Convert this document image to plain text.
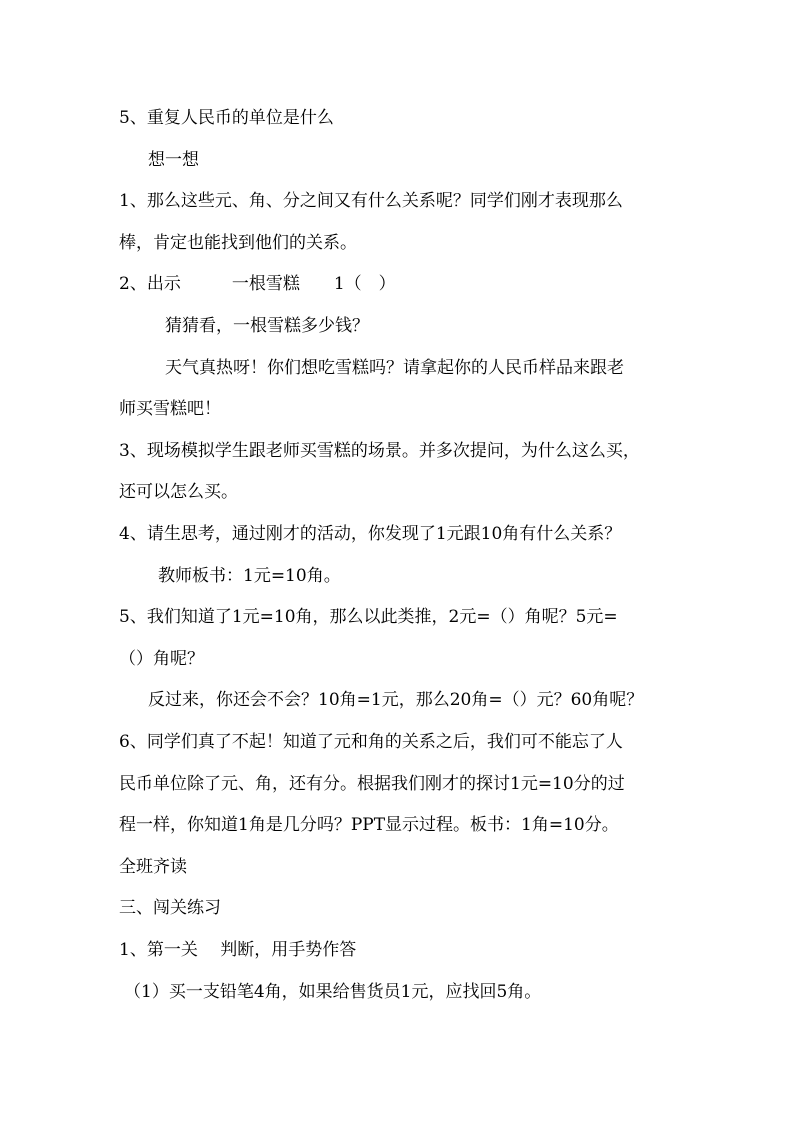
5、重复人民币的单位是什么
想一想
1、那么这些元、角、分之间又有什么关系呢？同学们刚才表现那么
棒，肯定也能找到他们的关系。
2、出示　　　一根雪糕　　1（　）
猜猜看，一根雪糕多少钱？
天气真热呀！你们想吃雪糕吗？请拿起你的人民币样品来跟老
师买雪糕吧！
3、现场模拟学生跟老师买雪糕的场景。并多次提问，为什么这么买，
还可以怎么买。
4、请生思考，通过刚才的活动，你发现了1元跟10角有什么关系？
教师板书：1元=10角。
5、我们知道了1元=10角，那么以此类推，2元=（）角呢？5元=
（）角呢？
反过来，你还会不会？10角=1元，那么20角=（）元？60角呢？
6、同学们真了不起！知道了元和角的关系之后，我们可不能忘了人
民币单位除了元、角，还有分。根据我们刚才的探讨1元=10分的过
程一样，你知道1角是几分吗？PPT显示过程。板书：1角=10分。
全班齐读
三、闯关练习
1、第一关　 判断，用手势作答
（1）买一支铅笔4角，如果给售货员1元，应找回5角。
